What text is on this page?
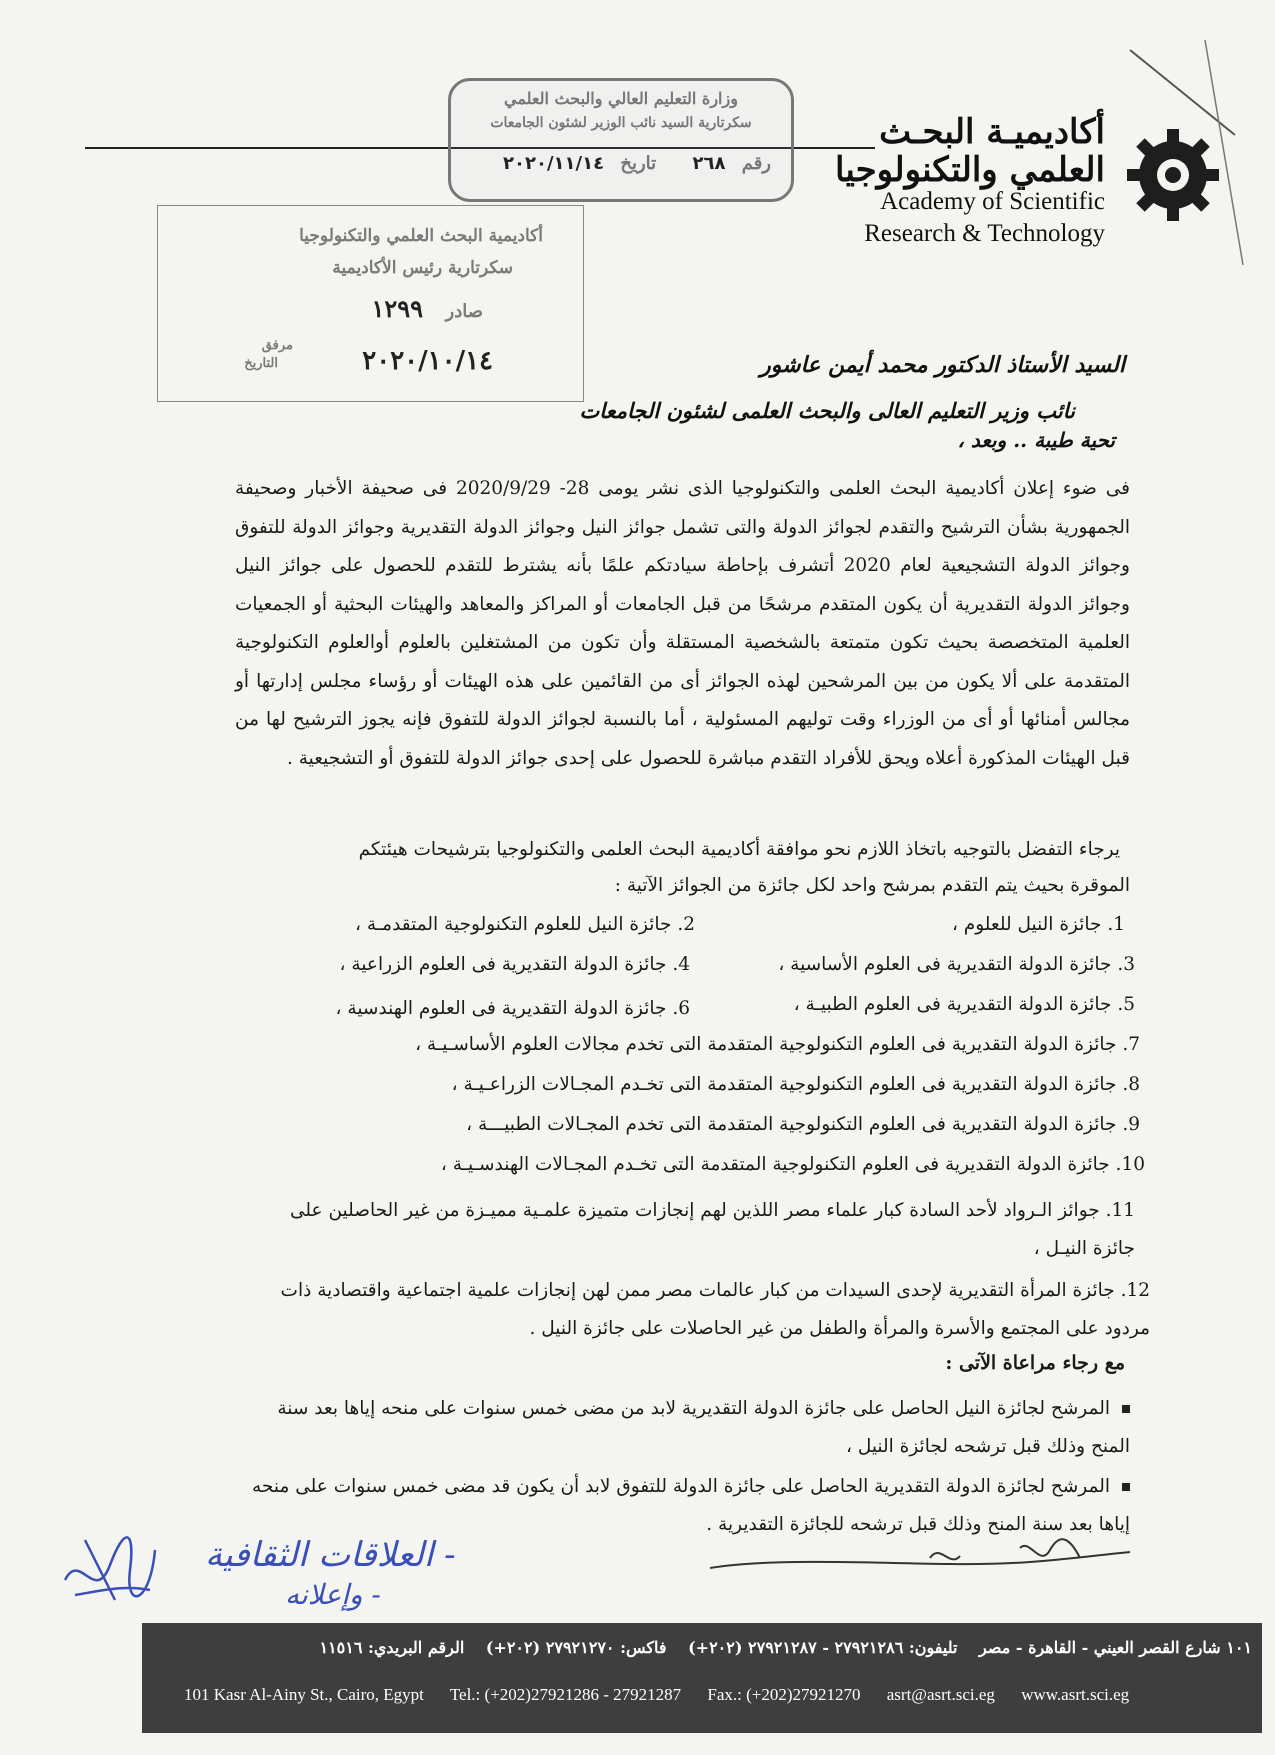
أكاديميـة البحـث
العلمي والتكنولوجيا
Academy of Scientific
Research & Technology
وزارة التعليم العالي والبحث العلمي
سكرتارية السيد نائب الوزير لشئون الجامعات
رقم ٢٦٨ تاريخ ٢٠٢٠/١١/١٤
أكاديمية البحث العلمي والتكنولوجيا
سكرتارية رئيس الأكاديمية
صادر
١٢٩٩
مرفق
التاريخ	٢٠٢٠/١٠/١٤	السيد الأستاذ الدكتور محمد أيمن عاشور
نائب وزير التعليم العالى والبحث العلمى لشئون الجامعات
تحية طيبة .. وبعد ،
فى ضوء إعلان أكاديمية البحث العلمى والتكنولوجيا الذى نشر يومى 28- 2020/9/29 فى صحيفة الأخبار وصحيفة الجمهورية بشأن الترشيح والتقدم لجوائز الدولة والتى تشمل جوائز النيل وجوائز الدولة التقديرية وجوائز الدولة للتفوق وجوائز الدولة التشجيعية لعام 2020 أتشرف بإحاطة سيادتكم علمًا بأنه يشترط للتقدم للحصول على جوائز النيل وجوائز الدولة التقديرية أن يكون المتقدم مرشحًا من قبل الجامعات أو المراكز والمعاهد والهيئات البحثية أو الجمعيات العلمية المتخصصة بحيث تكون متمتعة بالشخصية المستقلة وأن تكون من المشتغلين بالعلوم أوالعلوم التكنولوجية المتقدمة على ألا يكون من بين المرشحين لهذه الجوائز أى من القائمين على هذه الهيئات أو رؤساء مجلس إدارتها أو مجالس أمنائها أو أى من الوزراء وقت توليهم المسئولية ، أما بالنسبة لجوائز الدولة للتفوق فإنه يجوز الترشيح لها من قبل الهيئات المذكورة أعلاه ويحق للأفراد التقدم مباشرة للحصول على إحدى جوائز الدولة للتفوق أو التشجيعية .
يرجاء التفضل بالتوجيه باتخاذ اللازم نحو موافقة أكاديمية البحث العلمى والتكنولوجيا بترشيحات هيئتكم
الموقرة بحيث يتم التقدم بمرشح واحد لكل جائزة من الجوائز الآتية :
1. جائزة النيل للعلوم ،
2. جائزة النيل للعلوم التكنولوجية المتقدمـة ،
3. جائزة الدولة التقديرية فى العلوم الأساسية ،
4. جائزة الدولة التقديرية فى العلوم الزراعية ،
5. جائزة الدولة التقديرية فى العلوم الطبيـة ،
6. جائزة الدولة التقديرية فى العلوم الهندسية ،
7. جائزة الدولة التقديرية فى العلوم التكنولوجية المتقدمة التى تخدم مجالات العلوم الأساسـيـة ،
8. جائزة الدولة التقديرية فى العلوم التكنولوجية المتقدمة التى تخـدم المجـالات الزراعـيـة ،
9. جائزة الدولة التقديرية فى العلوم التكنولوجية المتقدمة التى تخدم المجـالات الطبيـــة ،
10. جائزة الدولة التقديرية فى العلوم التكنولوجية المتقدمة التى تخـدم المجـالات الهندسـيـة ،
11. جوائز الـرواد لأحد السادة كبار علماء مصر اللذين لهم إنجازات متميزة علمـية مميـزة من غير الحاصلين على جائزة النيـل ،
12. جائزة المرأة التقديرية لإحدى السيدات من كبار عالمات مصر ممن لهن إنجازات علمية اجتماعية واقتصادية ذات مردود على المجتمع والأسرة والمرأة والطفل من غير الحاصلات على جائزة النيل .
مع رجاء مراعاة الآتى :
المرشح لجائزة النيل الحاصل على جائزة الدولة التقديرية لابد من مضى خمس سنوات على منحه إياها بعد سنة المنح وذلك قبل ترشحه لجائزة النيل ،
المرشح لجائزة الدولة التقديرية الحاصل على جائزة الدولة للتفوق لابد أن يكون قد مضى خمس سنوات على منحه إياها بعد سنة المنح وذلك قبل ترشحه للجائزة التقديرية .
- العلاقات الثقافية
- وإعلانه
١٠١ شارع القصر العيني - القاهرة - مصر تليفون: ٢٧٩٢١٢٨٦ - ٢٧٩٢١٢٨٧ (٢٠٢+) فاكس: ٢٧٩٢١٢٧٠ (٢٠٢+) الرقم البريدي: ١١٥١٦
101 Kasr Al-Ainy St., Cairo, Egypt Tel.: (+202)27921286 - 27921287 Fax.: (+202)27921270 asrt@asrt.sci.eg www.asrt.sci.eg
